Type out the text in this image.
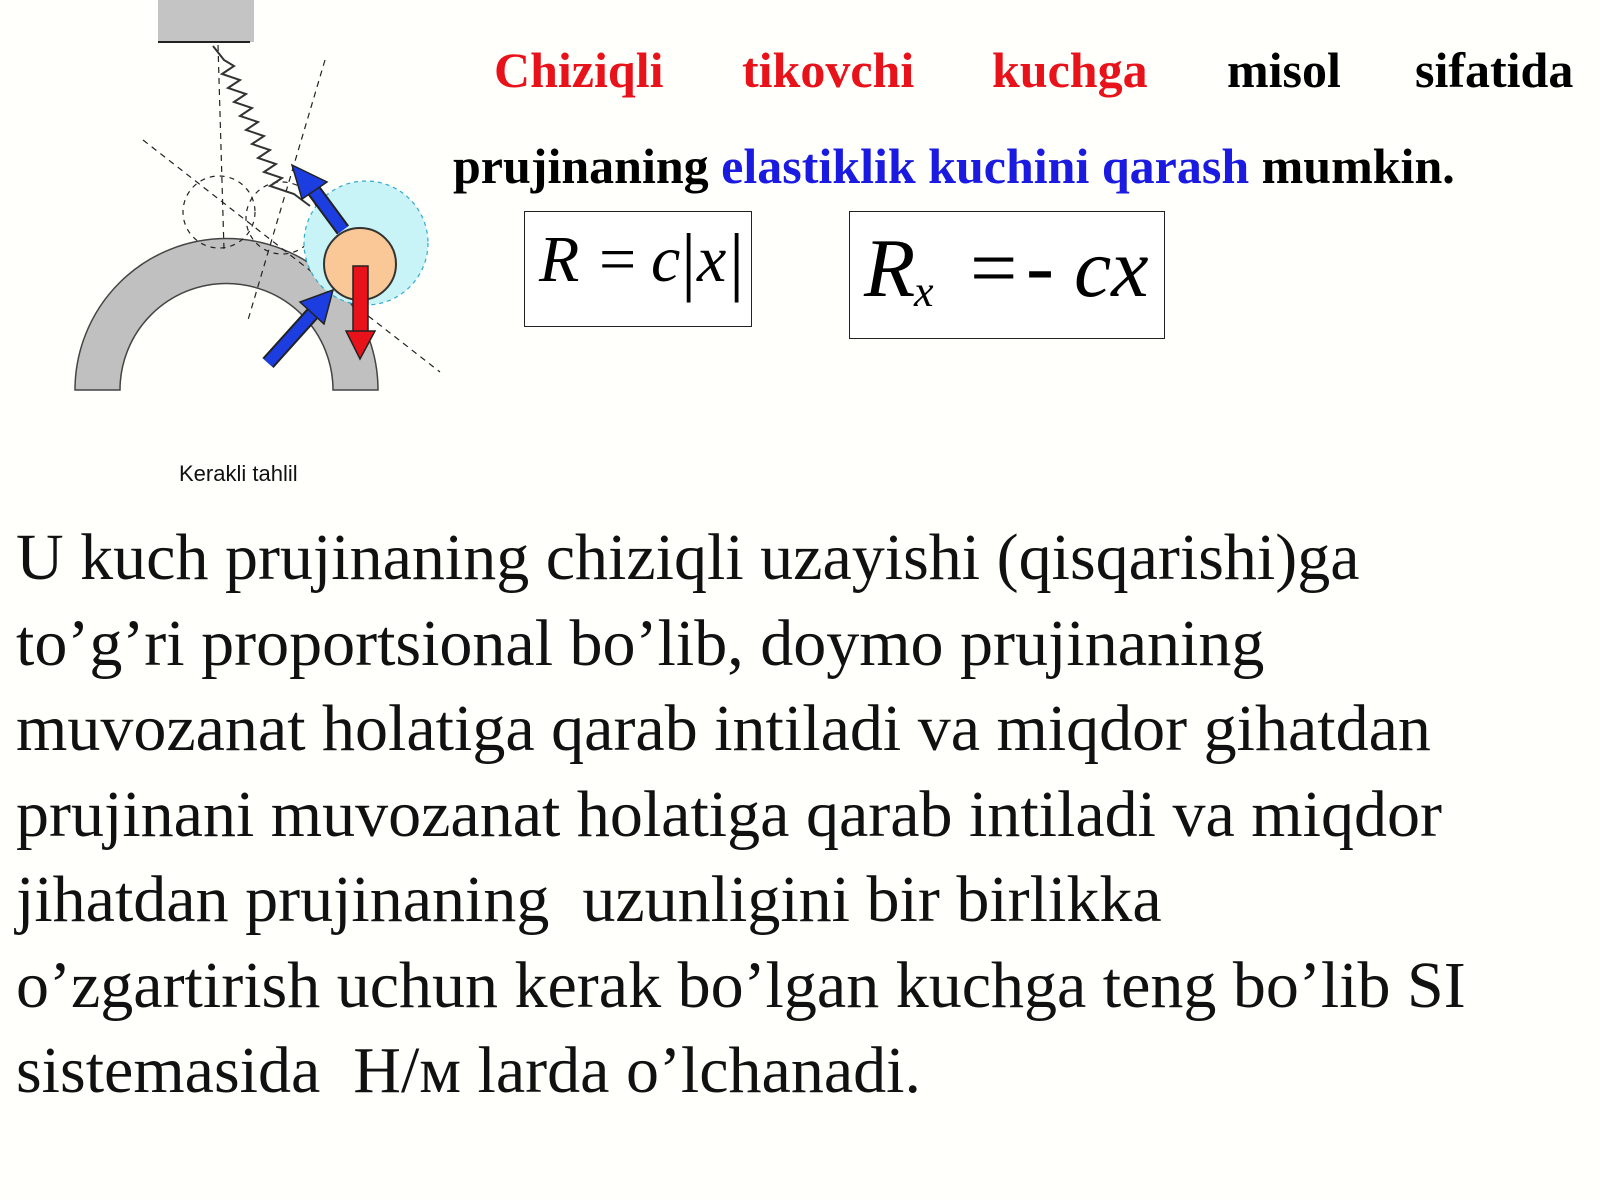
Chiziqli tikovchi kuchga misol sifatida
prujinaning elastiklik kuchini qarash mumkin.
R = c | x | R
x = - cx
Kerakli tahlil
U kuch prujinaning chiziqli uzayishi (qisqarishi)ga
to’g’ri proportsional bo’lib, doymo prujinaning
muvozanat holatiga qarab intiladi va miqdor gihatdan
prujinani muvozanat holatiga qarab intiladi va miqdor
jihatdan prujinaning  uzunligini bir birlikka
o’zgartirish uchun kerak bo’lgan kuchga teng bo’lib SI
sistemasida  H/м larda o’lchanadi.
